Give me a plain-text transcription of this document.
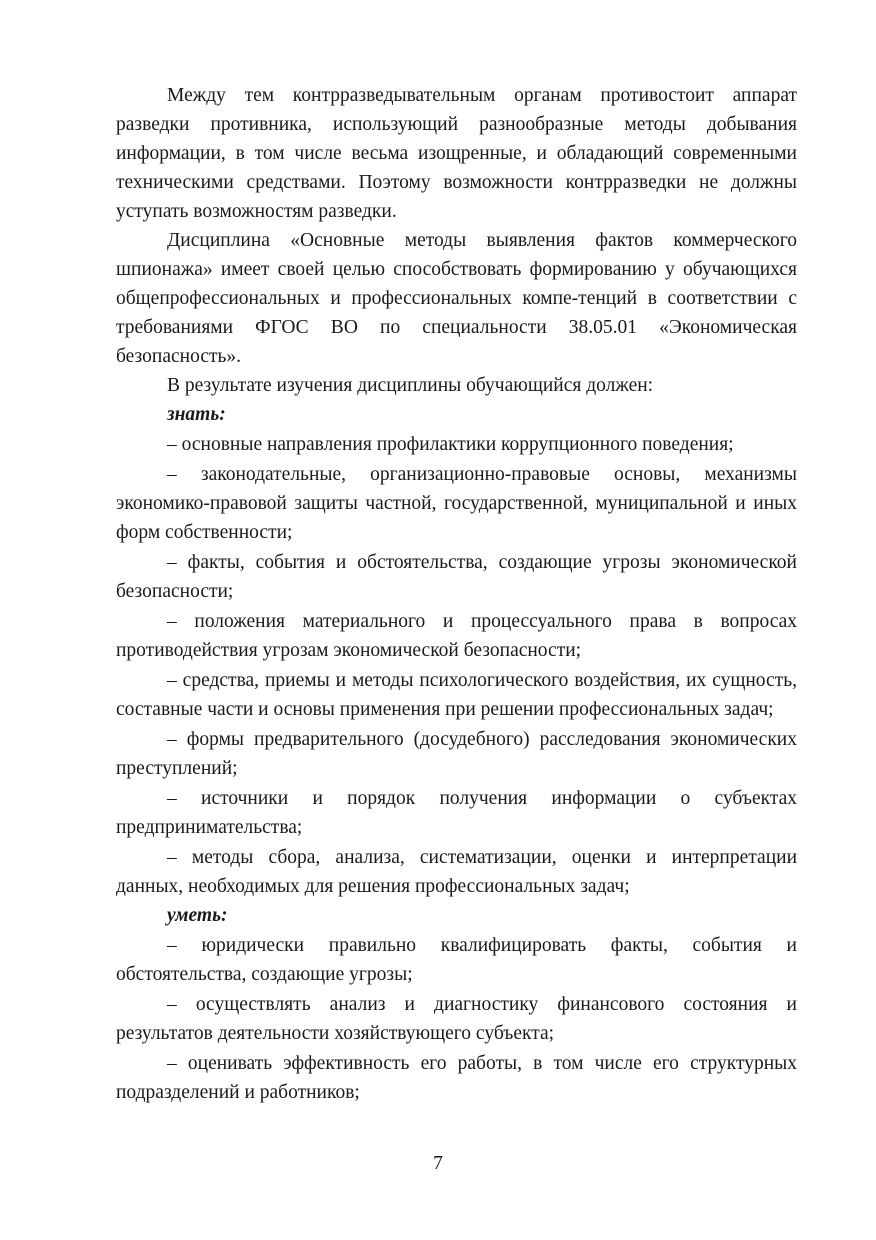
Между тем контрразведывательным органам противостоит аппарат разведки противника, использующий разнообразные методы добывания информации, в том числе весьма изощренные, и обладающий современными техническими средствами. Поэтому возможности контрразведки не должны уступать возможностям разведки.

Дисциплина «Основные методы выявления фактов коммерческого шпионажа» имеет своей целью способствовать формированию у обучающихся общепрофессиональных и профессиональных компе-тенций в соответствии с требованиями ФГОС ВО по специальности 38.05.01 «Экономическая безопасность».

В результате изучения дисциплины обучающийся должен:

знать:

– основные направления профилактики коррупционного поведения;

– законодательные, организационно-правовые основы, механизмы экономико-правовой защиты частной, государственной, муниципальной и иных форм собственности;

– факты, события и обстоятельства, создающие угрозы экономической безопасности;

– положения материального и процессуального права в вопросах противодействия угрозам экономической безопасности;

– средства, приемы и методы психологического воздействия, их сущность, составные части и основы применения при решении профессиональных задач;

– формы предварительного (досудебного) расследования экономических преступлений;

– источники и порядок получения информации о субъектах предпринимательства;

– методы сбора, анализа, систематизации, оценки и интерпретации данных, необходимых для решения профессиональных задач;

уметь:

– юридически правильно квалифицировать факты, события и обстоятельства, создающие угрозы;

– осуществлять анализ и диагностику финансового состояния и результатов деятельности хозяйствующего субъекта;

– оценивать эффективность его работы, в том числе его структурных подразделений и работников;

7
